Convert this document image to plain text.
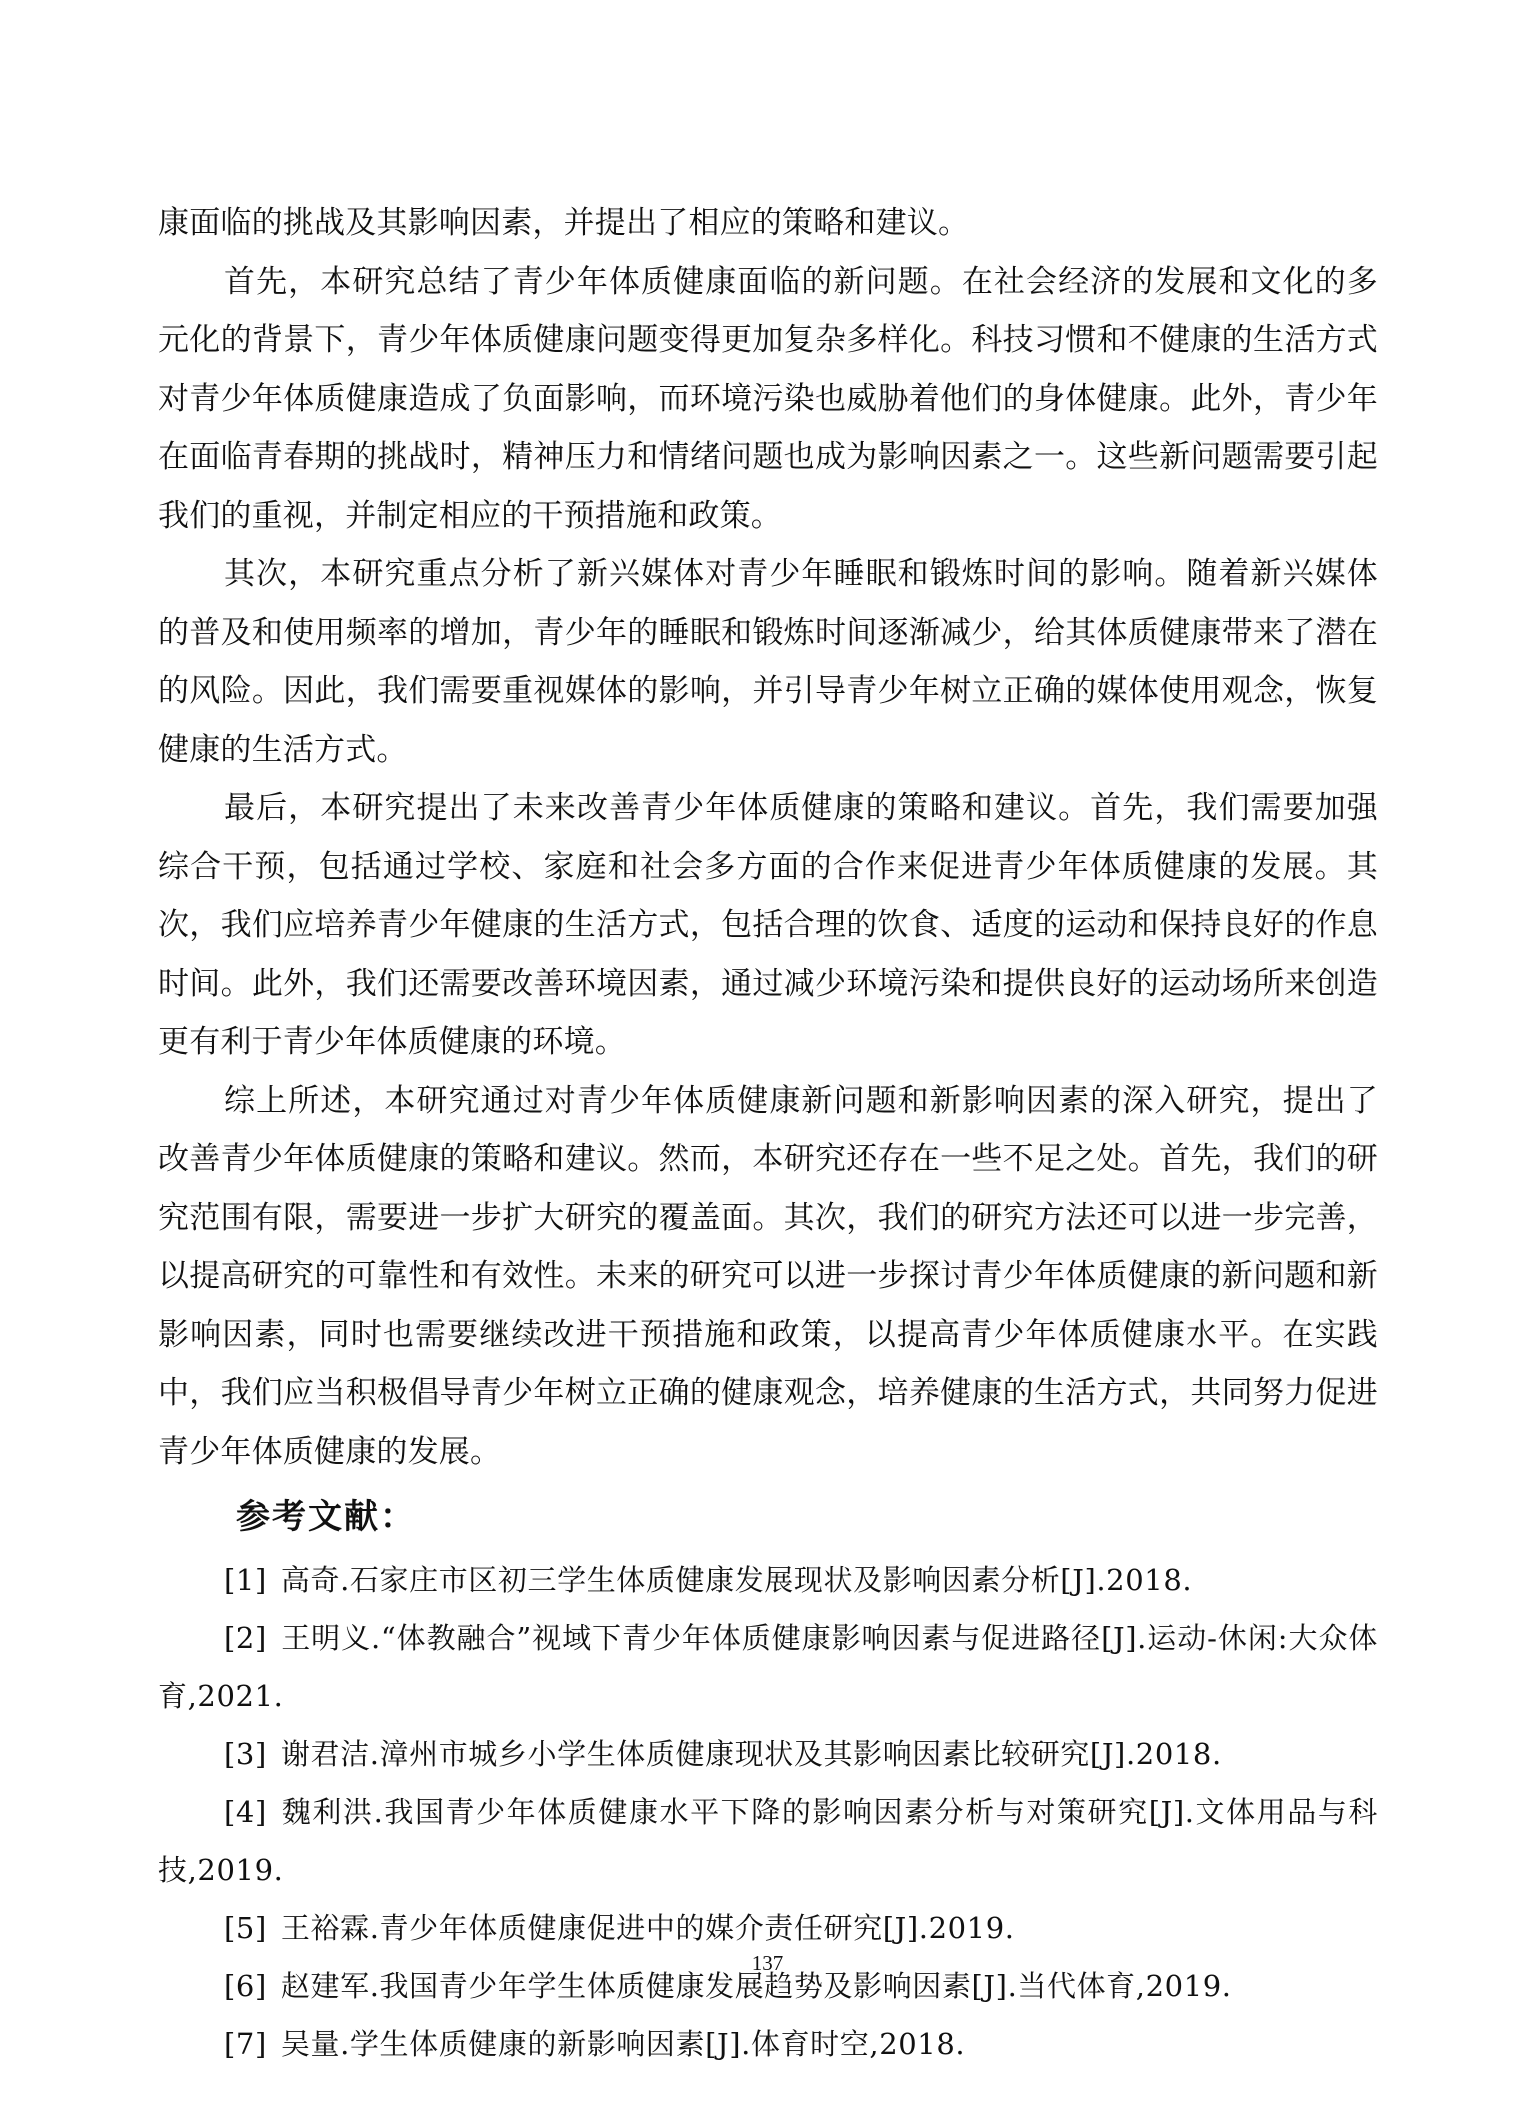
康面临的挑战及其影响因素，并提出了相应的策略和建议。

首先，本研究总结了青少年体质健康面临的新问题。在社会经济的发展和文化的多元化的背景下，青少年体质健康问题变得更加复杂多样化。科技习惯和不健康的生活方式对青少年体质健康造成了负面影响，而环境污染也威胁着他们的身体健康。此外，青少年在面临青春期的挑战时，精神压力和情绪问题也成为影响因素之一。这些新问题需要引起我们的重视，并制定相应的干预措施和政策。

其次，本研究重点分析了新兴媒体对青少年睡眠和锻炼时间的影响。随着新兴媒体的普及和使用频率的增加，青少年的睡眠和锻炼时间逐渐减少，给其体质健康带来了潜在的风险。因此，我们需要重视媒体的影响，并引导青少年树立正确的媒体使用观念，恢复健康的生活方式。

最后，本研究提出了未来改善青少年体质健康的策略和建议。首先，我们需要加强综合干预，包括通过学校、家庭和社会多方面的合作来促进青少年体质健康的发展。其次，我们应培养青少年健康的生活方式，包括合理的饮食、适度的运动和保持良好的作息时间。此外，我们还需要改善环境因素，通过减少环境污染和提供良好的运动场所来创造更有利于青少年体质健康的环境。

综上所述，本研究通过对青少年体质健康新问题和新影响因素的深入研究，提出了改善青少年体质健康的策略和建议。然而，本研究还存在一些不足之处。首先，我们的研究范围有限，需要进一步扩大研究的覆盖面。其次，我们的研究方法还可以进一步完善，以提高研究的可靠性和有效性。未来的研究可以进一步探讨青少年体质健康的新问题和新影响因素，同时也需要继续改进干预措施和政策，以提高青少年体质健康水平。在实践中，我们应当积极倡导青少年树立正确的健康观念，培养健康的生活方式，共同努力促进青少年体质健康的发展。

参考文献：
[1] 高奇.石家庄市区初三学生体质健康发展现状及影响因素分析[J].2018.
[2] 王明义.“体教融合”视域下青少年体质健康影响因素与促进路径[J].运动-休闲:大众体育,2021.
[3] 谢君洁.漳州市城乡小学生体质健康现状及其影响因素比较研究[J].2018.
[4] 魏利洪.我国青少年体质健康水平下降的影响因素分析与对策研究[J].文体用品与科技,2019.
[5] 王裕霖.青少年体质健康促进中的媒介责任研究[J].2019.
[6] 赵建军.我国青少年学生体质健康发展趋势及影响因素[J].当代体育,2019.
[7] 吴量.学生体质健康的新影响因素[J].体育时空,2018.
137
